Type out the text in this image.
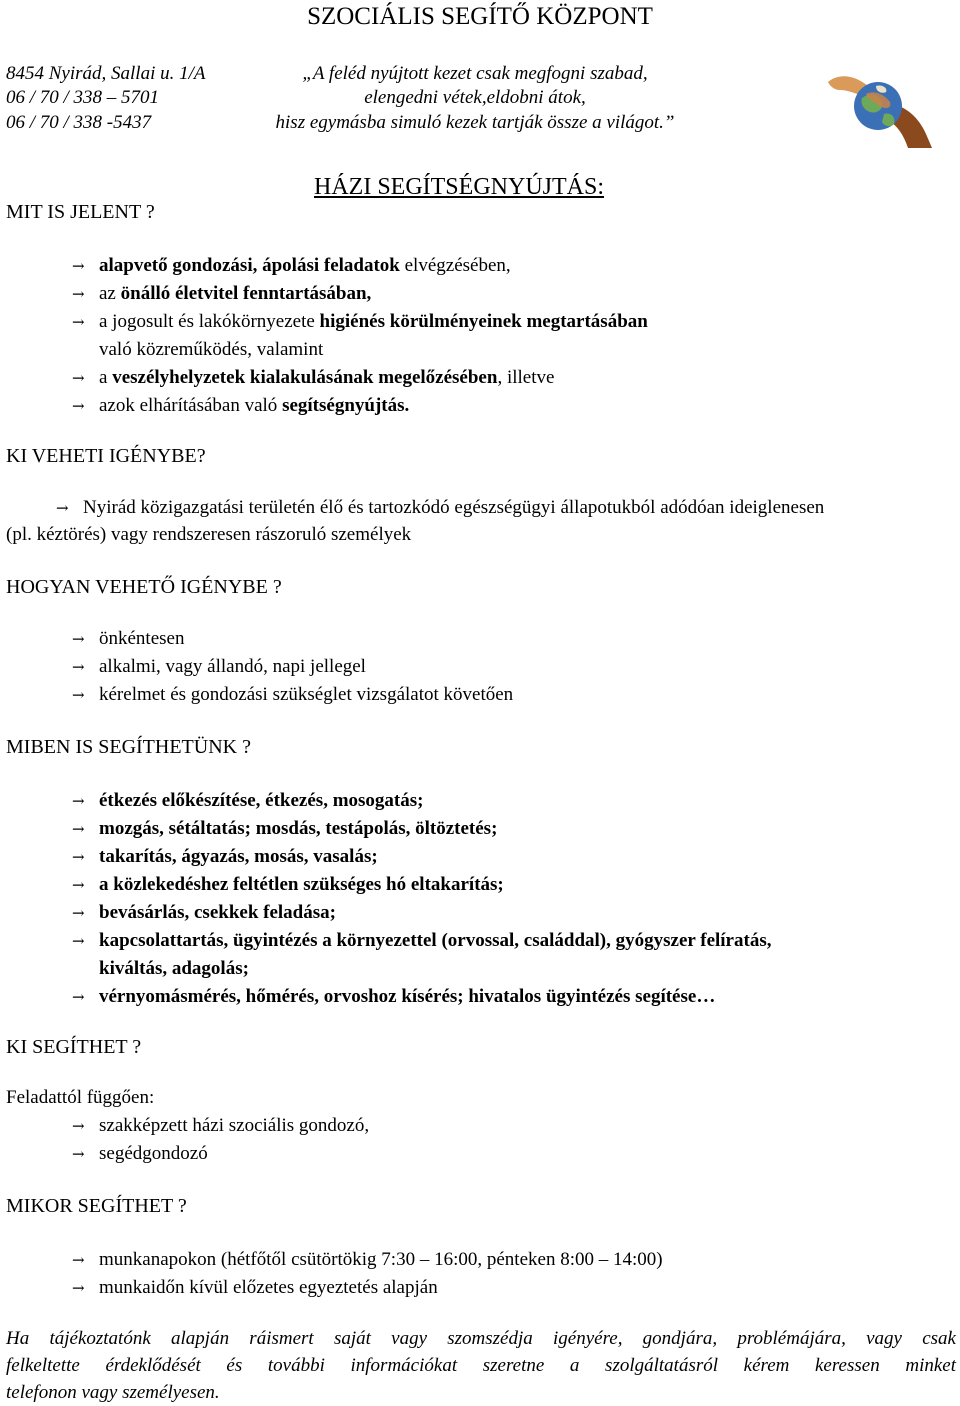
SZOCIÁLIS SEGÍTŐ KÖZPONT
8454 Nyirád, Sallai u. 1/A
06 / 70 / 338 – 5701
06 / 70 / 338 -5437
„A feléd nyújtott kezet csak megfogni szabad,
elengedni vétek,eldobni átok,
hisz egymásba simuló kezek tartják össze a világot.”
MIT IS JELENT ?
HÁZI SEGÍTSÉGNYÚJTÁS:
→ alapvető gondozási, ápolási feladatok elvégzésében,
→ az önálló életvitel fenntartásában,
→ a jogosult és lakókörnyezete higiénés körülményeinek megtartásában
való közreműködés, valamint
→ a veszélyhelyzetek kialakulásának megelőzésében, illetve
→ azok elhárításában való segítségnyújtás.
KI VEHETI IGÉNYBE?
→ Nyirád közigazgatási területén élő és tartozkódó egészségügyi állapotukból adódóan ideiglenesen
(pl. kéztörés) vagy rendszeresen rászoruló személyek
HOGYAN VEHETŐ IGÉNYBE ?
→ önkéntesen
→ alkalmi, vagy állandó, napi jellegel
→ kérelmet és gondozási szükséglet vizsgálatot követően
MIBEN IS SEGÍTHETÜNK ?
→ étkezés előkészítése, étkezés, mosogatás;
→ mozgás, sétáltatás; mosdás, testápolás, öltöztetés;
→ takarítás, ágyazás, mosás, vasalás;
→ a közlekedéshez feltétlen szükséges hó eltakarítás;
→ bevásárlás, csekkek feladása;
→ kapcsolattartás, ügyintézés a környezettel (orvossal, családdal), gyógyszer felíratás,
kiváltás, adagolás;
→ vérnyomásmérés, hőmérés, orvoshoz kísérés; hivatalos ügyintézés segítése…
KI SEGÍTHET ?
Feladattól függően:
→ szakképzett házi szociális gondozó,
→ segédgondozó
MIKOR SEGÍTHET ?
→ munkanapokon (hétfőtől csütörtökig 7:30 – 16:00, pénteken 8:00 – 14:00)
→ munkaidőn kívül előzetes egyeztetés alapján
Ha tájékoztatónk alapján ráismert saját vagy szomszédja igényére, gondjára, problémájára, vagy csak
felkeltette érdeklődését és további információkat szeretne a szolgáltatásról kérem keressen minket
telefonon vagy személyesen.
